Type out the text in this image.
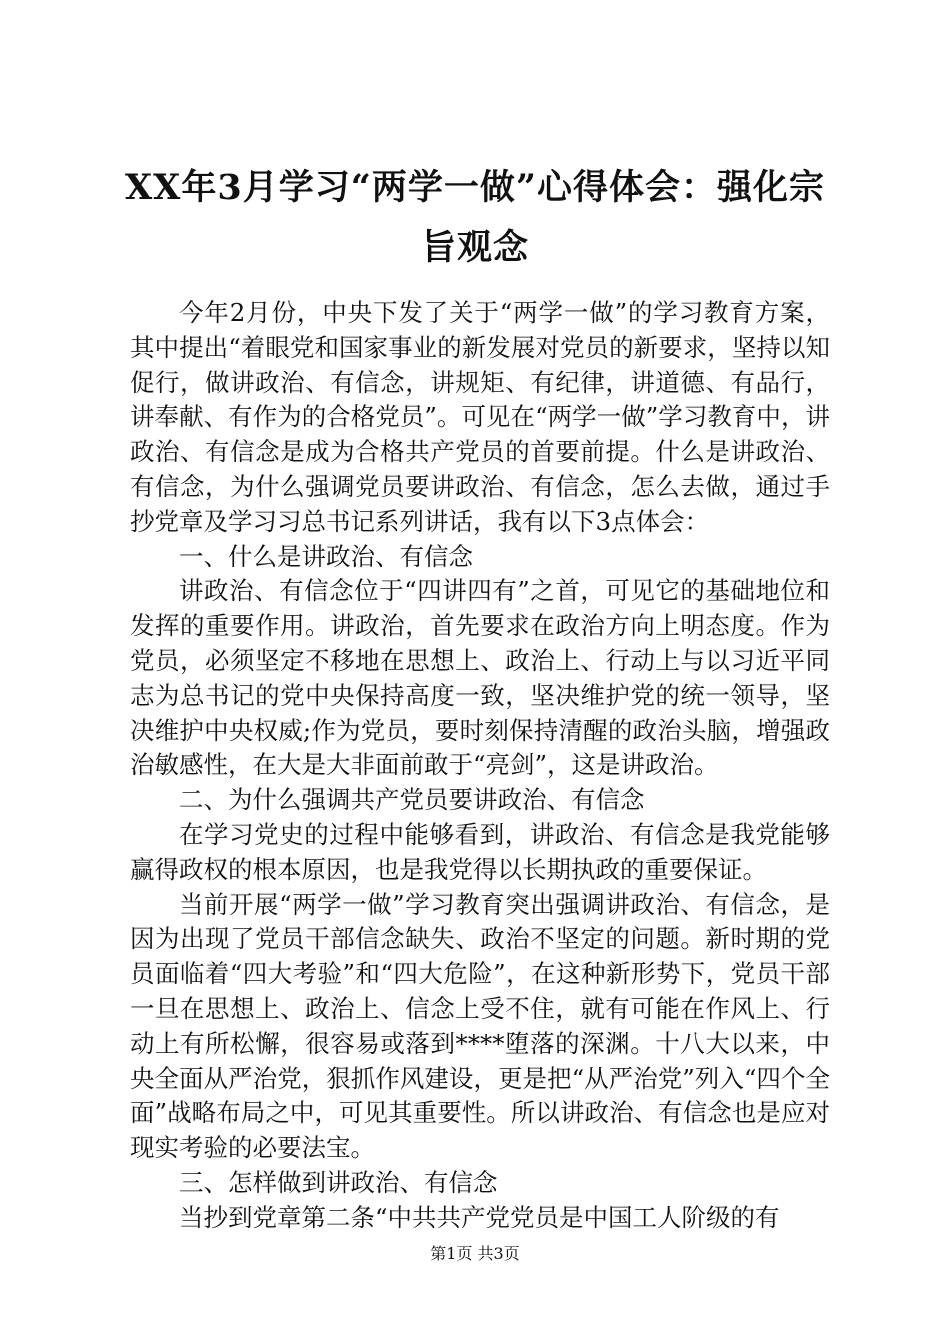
XX年3月学习“两学一做”心得体会：强化宗旨观念

今年2月份，中央下发了关于“两学一做”的学习教育方案，其中提出“着眼党和国家事业的新发展对党员的新要求，坚持以知促行，做讲政治、有信念，讲规矩、有纪律，讲道德、有品行，讲奉献、有作为的合格党员”。可见在“两学一做”学习教育中，讲政治、有信念是成为合格共产党员的首要前提。什么是讲政治、有信念，为什么强调党员要讲政治、有信念，怎么去做，通过手抄党章及学习习总书记系列讲话，我有以下3点体会：

一、什么是讲政治、有信念

讲政治、有信念位于“四讲四有”之首，可见它的基础地位和发挥的重要作用。讲政治，首先要求在政治方向上明态度。作为党员，必须坚定不移地在思想上、政治上、行动上与以习近平同志为总书记的党中央保持高度一致，坚决维护党的统一领导，坚决维护中央权威;作为党员，要时刻保持清醒的政治头脑，增强政治敏感性，在大是大非面前敢于“亮剑”，这是讲政治。

二、为什么强调共产党员要讲政治、有信念

在学习党史的过程中能够看到，讲政治、有信念是我党能够赢得政权的根本原因，也是我党得以长期执政的重要保证。

当前开展“两学一做”学习教育突出强调讲政治、有信念，是因为出现了党员干部信念缺失、政治不坚定的问题。新时期的党员面临着“四大考验”和“四大危险”，在这种新形势下，党员干部一旦在思想上、政治上、信念上受不住，就有可能在作风上、行动上有所松懈，很容易或落到****堕落的深渊。十八大以来，中央全面从严治党，狠抓作风建设，更是把“从严治党”列入“四个全面”战略布局之中，可见其重要性。所以讲政治、有信念也是应对现实考验的必要法宝。

三、怎样做到讲政治、有信念

当抄到党章第二条“中共共产党党员是中国工人阶级的有

第1页 共3页
